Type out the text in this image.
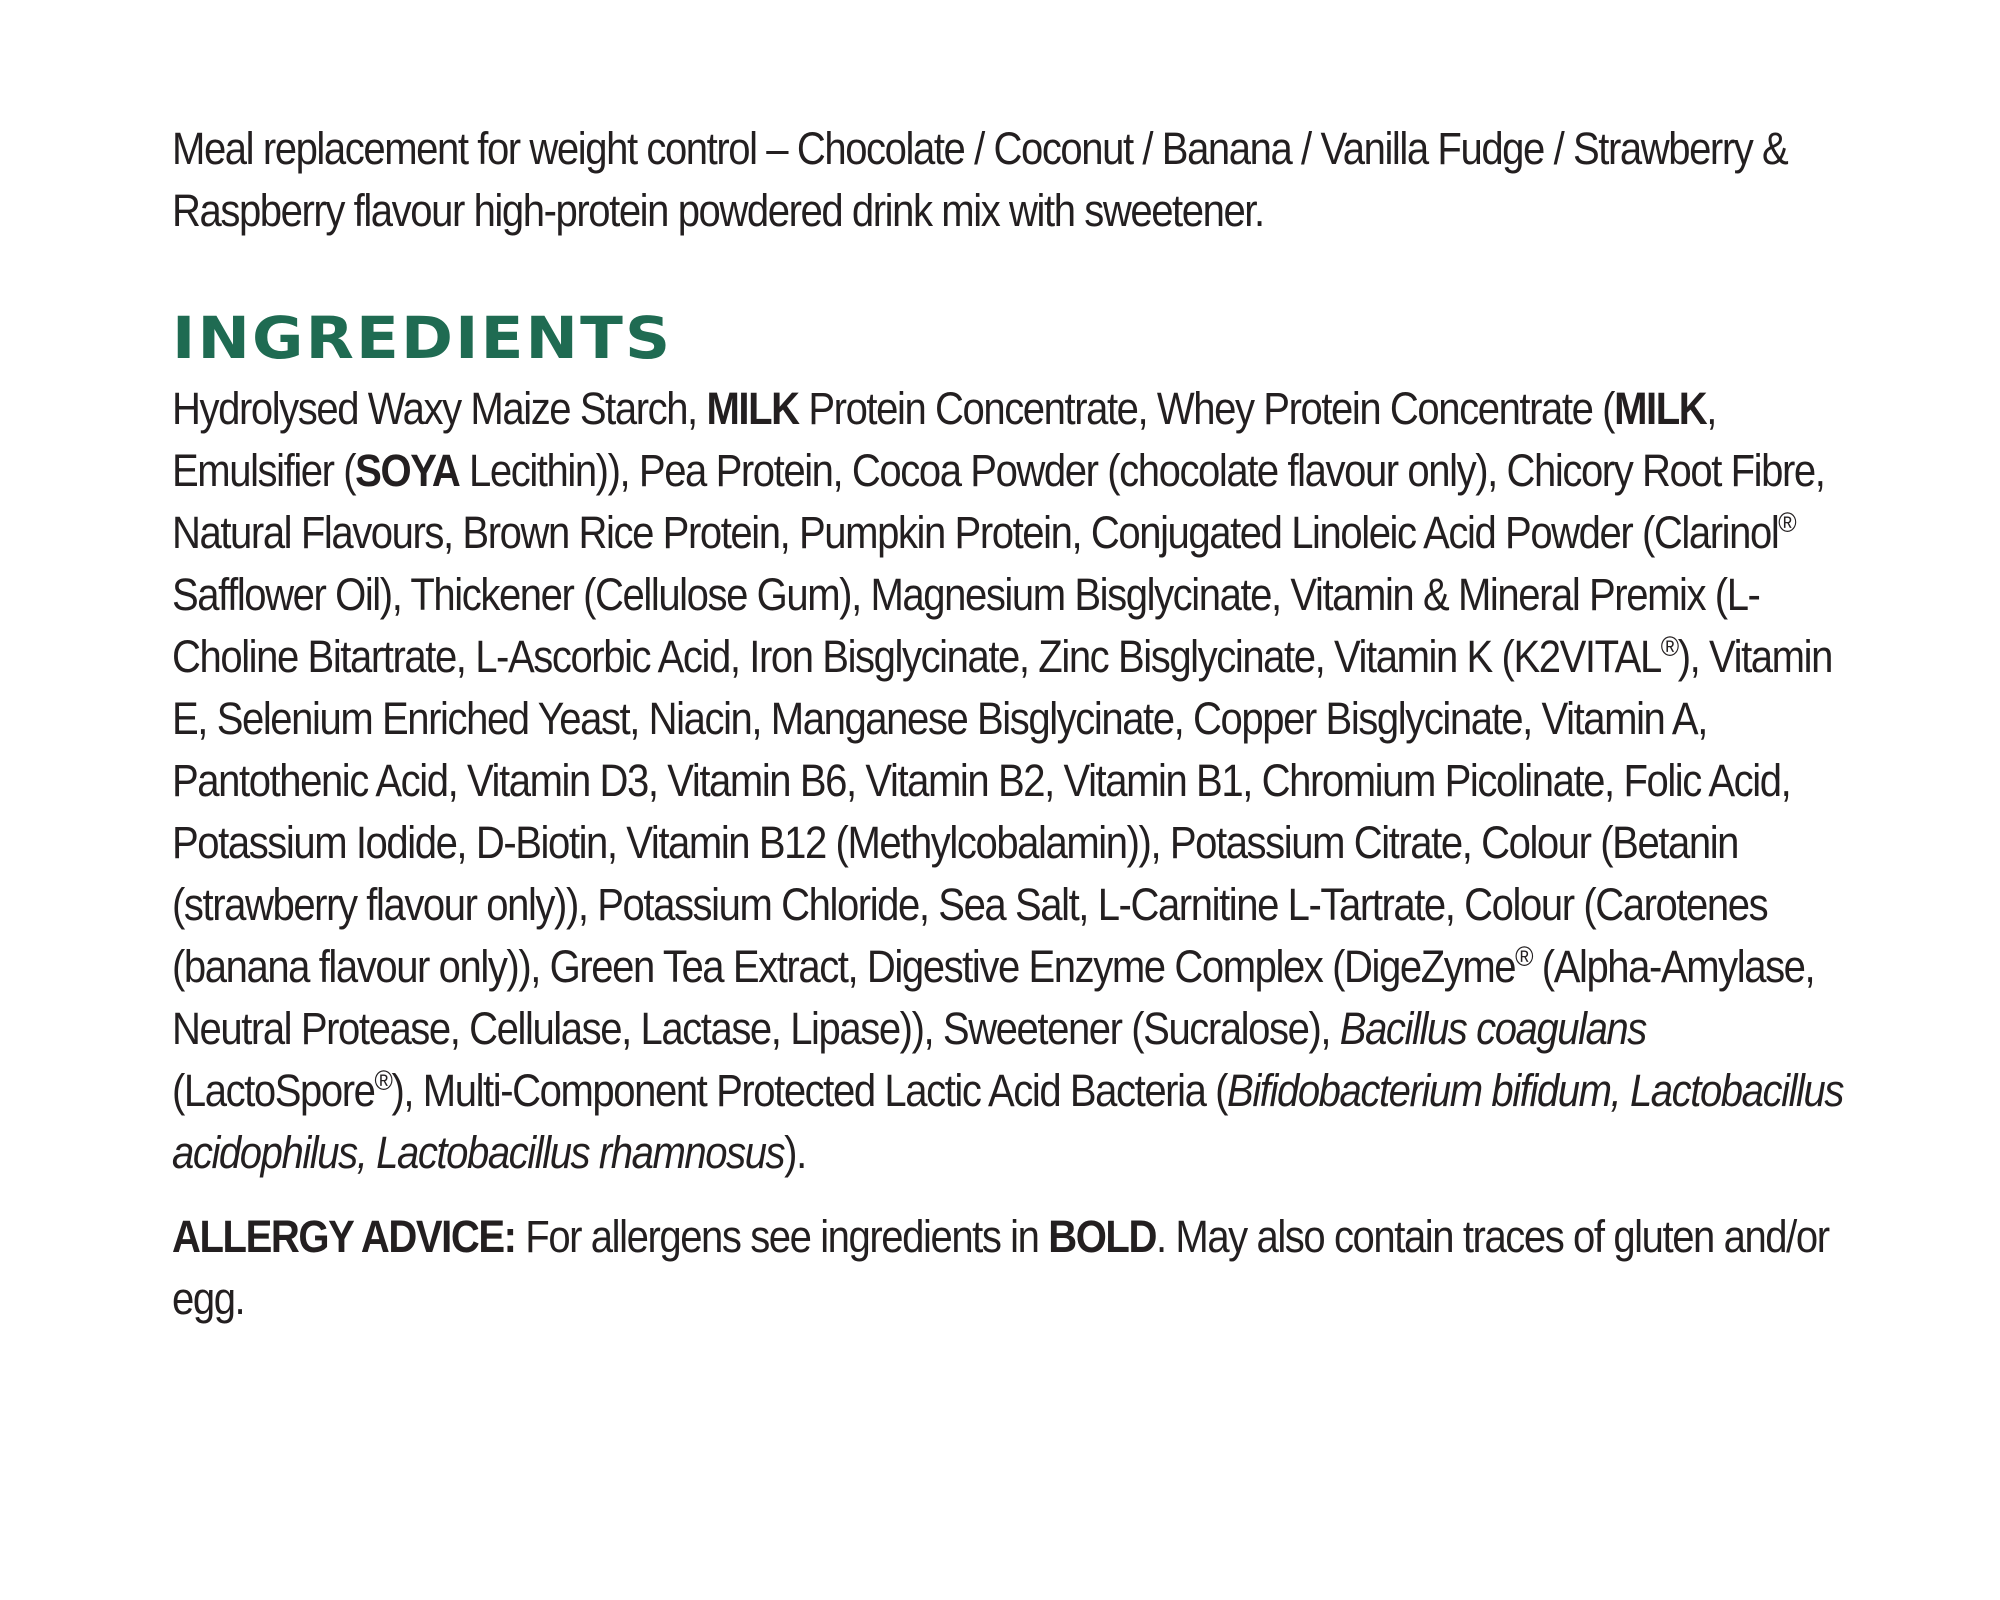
Meal replacement for weight control – Chocolate / Coconut / Banana / Vanilla Fudge / Strawberry & Raspberry flavour high-protein powdered drink mix with sweetener.

INGREDIENTS

Hydrolysed Waxy Maize Starch, MILK Protein Concentrate, Whey Protein Concentrate (MILK, Emulsifier (SOYA Lecithin)), Pea Protein, Cocoa Powder (chocolate flavour only), Chicory Root Fibre, Natural Flavours, Brown Rice Protein, Pumpkin Protein, Conjugated Linoleic Acid Powder (Clarinol® Safflower Oil), Thickener (Cellulose Gum), Magnesium Bisglycinate, Vitamin & Mineral Premix (L-Choline Bitartrate, L-Ascorbic Acid, Iron Bisglycinate, Zinc Bisglycinate, Vitamin K (K2VITAL®), Vitamin E, Selenium Enriched Yeast, Niacin, Manganese Bisglycinate, Copper Bisglycinate, Vitamin A, Pantothenic Acid, Vitamin D3, Vitamin B6, Vitamin B2, Vitamin B1, Chromium Picolinate, Folic Acid, Potassium Iodide, D-Biotin, Vitamin B12 (Methylcobalamin)), Potassium Citrate, Colour (Betanin (strawberry flavour only)), Potassium Chloride, Sea Salt, L-Carnitine L-Tartrate, Colour (Carotenes (banana flavour only)), Green Tea Extract, Digestive Enzyme Complex (DigeZyme® (Alpha-Amylase, Neutral Protease, Cellulase, Lactase, Lipase)), Sweetener (Sucralose), Bacillus coagulans (LactoSpore®), Multi-Component Protected Lactic Acid Bacteria (Bifidobacterium bifidum, Lactobacillus acidophilus, Lactobacillus rhamnosus).

ALLERGY ADVICE: For allergens see ingredients in BOLD. May also contain traces of gluten and/or egg.
